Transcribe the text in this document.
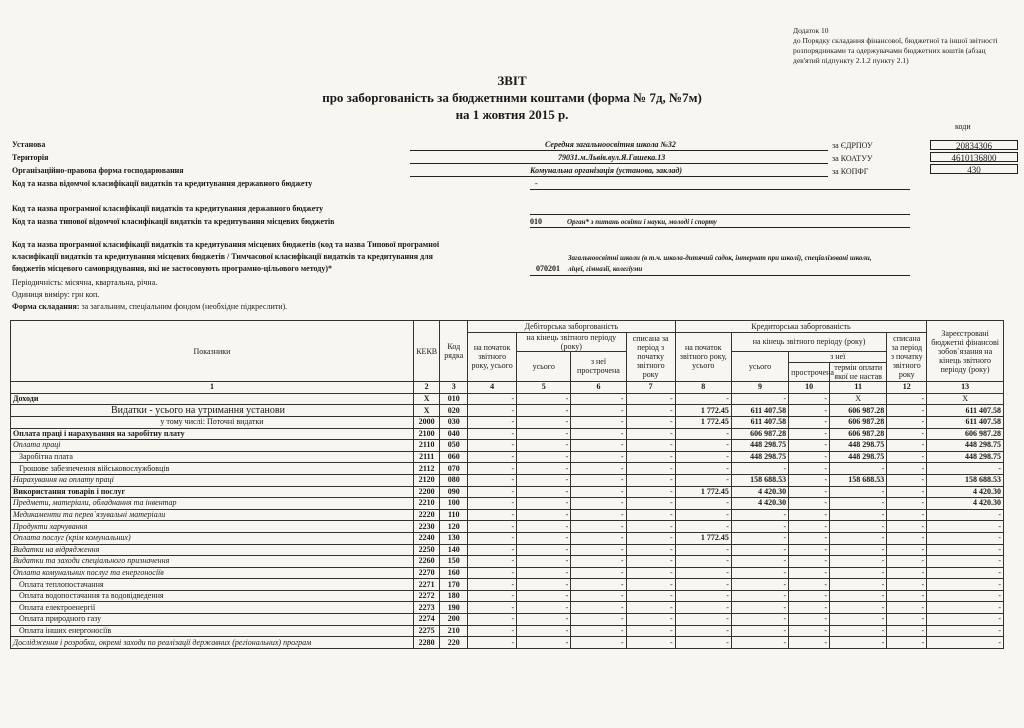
Додаток 10
до Порядку складання фінансової, бюджетної та іншої звітності
розпорядниками та одержувачами бюджетних коштів (абзац
дев'ятий підпункту 2.1.2 пункту 2.1)
ЗВІТ
про заборгованість за бюджетними коштами (форма № 7д, №7м)
на 1 жовтня 2015 р.
коди
Установа	Середня загальноосвітня школа №32	за ЄДРПОУ	20834306
Територія	79031.м.Львів.вул.Я.Гашека.13	за КОАТУУ	4610136800
Організаційно-правова форма господарювання	Комунальна організація (установа, заклад)	за КОПФГ	430
Код та назва відомчої класифікації видатків та кредитування державного бюджету	-
Код та назва програмної класифікації видатків та кредитування державного бюджету
Код та назва типової відомчої класифікації видатків та кредитування місцевих бюджетів	010	Орган* з питань освіти і науки, молоді і спорту
Код та назва програмної класифікації видатків та кредитування місцевих бюджетів (код та назва Типової програмної
класифікації видатків та кредитування місцевих бюджетів / Тимчасової класифікації видатків та кредитування для
бюджетів місцевого самоврядування, які не застосовують програмно-цільового методу)*
Загальноосвітні школи (в т.ч. школа-дитячий садок, інтернат при школі), спеціалізовані школи,
070201 ліцеї, гімназії, колегіуми
Періодичність: місячна, квартальна, річна.
Одиниця виміру: грн коп.
Форма складання: за загальним, спеціальним фондом (необхідне підкреслити).
Показники	КЕКВ	Код рядка	Дебіторська заборгованість				Кредиторська заборгованість					Зареєстровані бюджетні фінансові зобов`язання на кінець звітного періоду (року)
			на початок звітного року, усього	на кінець звітного періоду (року)		списана за період з початку звітного року	на початок звітного року, усього	на кінець звітного періоду (року)			списана за період з початку звітного року	
				усього	з неї прострочена			усього	з неї			
									прострочена	термін оплати якої не настав		
1	2	3	4	5	6	7	8	9	10	11	12	13
Доходи	Х	010	-	-	-	-	-	-	-	Х	-	Х
Видатки - усього на утримання установи	Х	020	-	-	-	-	1 772.45	611 407.58	-	606 987.28	-	611 407.58
у тому числі: Поточні видатки	2000	030	-	-	-	-	1 772.45	611 407.58	-	606 987.28	-	611 407.58
Оплата праці і нарахування на заробітну плату	2100	040	-	-	-	-	-	606 987.28	-	606 987.28	-	606 987.28
Оплата праці	2110	050	-	-	-	-	-	448 298.75	-	448 298.75	-	448 298.75
Заробітна плата	2111	060	-	-	-	-	-	448 298.75	-	448 298.75	-	448 298.75
Грошове забезпечення військовослужбовців	2112	070	-	-	-	-	-	-	-	-	-	-
Нарахування на оплату праці	2120	080	-	-	-	-	-	158 688.53	-	158 688.53	-	158 688.53
Використання товарів і послуг	2200	090	-	-	-	-	1 772.45	4 420.30	-	-	-	4 420.30
Предмети, матеріали, обладнання та інвентар	2210	100	-	-	-	-	-	4 420.30	-	-	-	4 420.30
Медикаменти та перев`язувальні матеріали	2220	110	-	-	-	-	-	-	-	-	-	-
Продукти харчування	2230	120	-	-	-	-	-	-	-	-	-	-
Оплата послуг (крім комунальних)	2240	130	-	-	-	-	1 772.45	-	-	-	-	-
Видатки на відрядження	2250	140	-	-	-	-	-	-	-	-	-	-
Видатки та заходи спеціального призначення	2260	150	-	-	-	-	-	-	-	-	-	-
Оплата комунальних послуг та енергоносіїв	2270	160	-	-	-	-	-	-	-	-	-	-
Оплата теплопостачання	2271	170	-	-	-	-	-	-	-	-	-	-
Оплата водопостачання та водовідведення	2272	180	-	-	-	-	-	-	-	-	-	-
Оплата електроенергії	2273	190	-	-	-	-	-	-	-	-	-	-
Оплата природного газу	2274	200	-	-	-	-	-	-	-	-	-	-
Оплата інших енергоносіїв	2275	210	-	-	-	-	-	-	-	-	-	-
Дослідження і розробки, окремі заходи по реалізації державних (регіональних) програм	2280	220	-	-	-	-	-	-	-	-	-	-
